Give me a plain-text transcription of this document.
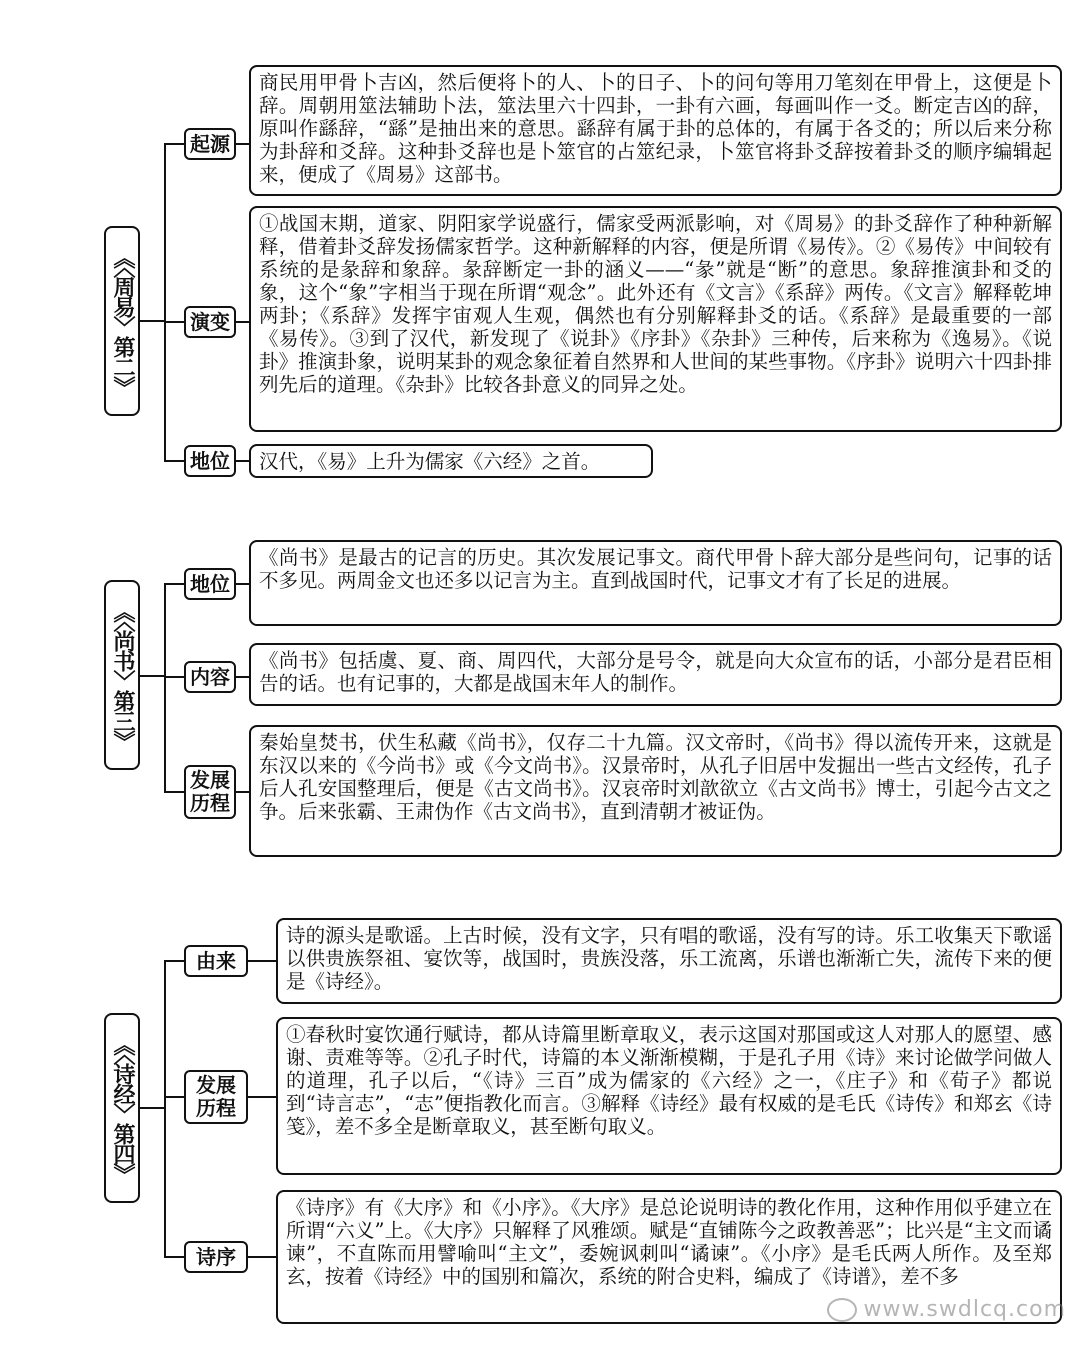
《〈周易〉第二》
起源
商民用甲骨卜吉凶，然后便将卜的人、卜的日子、卜的问句等用刀笔刻在甲骨上，这便是卜辞。周朝用筮法辅助卜法，筮法里六十四卦，一卦有六画，每画叫作一爻。断定吉凶的辞，原叫作繇辞，“繇”是抽出来的意思。繇辞有属于卦的总体的，有属于各爻的；所以后来分称为卦辞和爻辞。这种卦爻辞也是卜筮官的占筮纪录，卜筮官将卦爻辞按着卦爻的顺序编辑起来，便成了《周易》这部书。
演变
①战国末期，道家、阴阳家学说盛行，儒家受两派影响，对《周易》的卦爻辞作了种种新解释，借着卦爻辞发扬儒家哲学。这种新解释的内容，便是所谓《易传》。②《易传》中间较有系统的是彖辞和象辞。彖辞断定一卦的涵义——“彖”就是“断”的意思。象辞推演卦和爻的象，这个“象”字相当于现在所谓“观念”。此外还有《文言》《系辞》两传。《文言》解释乾坤两卦；《系辞》发挥宇宙观人生观，偶然也有分别解释卦爻的话。《系辞》是最重要的一部《易传》。③到了汉代，新发现了《说卦》《序卦》《杂卦》三种传，后来称为《逸易》。《说卦》推演卦象，说明某卦的观念象征着自然界和人世间的某些事物。《序卦》说明六十四卦排列先后的道理。《杂卦》比较各卦意义的同异之处。
地位	汉代，《易》上升为儒家《六经》之首。
《〈尚书〉第三》
地位
《尚书》是最古的记言的历史。其次发展记事文。商代甲骨卜辞大部分是些问句，记事的话不多见。两周金文也还多以记言为主。直到战国时代，记事文才有了长足的进展。
内容
《尚书》包括虞、夏、商、周四代，大部分是号令，就是向大众宣布的话，小部分是君臣相告的话。也有记事的，大都是战国末年人的制作。
发展历程
秦始皇焚书，伏生私藏《尚书》，仅存二十九篇。汉文帝时，《尚书》得以流传开来，这就是东汉以来的《今尚书》或《今文尚书》。汉景帝时，从孔子旧居中发掘出一些古文经传，孔子后人孔安国整理后，便是《古文尚书》。汉哀帝时刘歆欲立《古文尚书》博士，引起今古文之争。后来张霸、王肃伪作《古文尚书》，直到清朝才被证伪。
《〈诗经〉第四》
由来
诗的源头是歌谣。上古时候，没有文字，只有唱的歌谣，没有写的诗。乐工收集天下歌谣以供贵族祭祖、宴饮等，战国时，贵族没落，乐工流离，乐谱也渐渐亡失，流传下来的便是《诗经》。
发展历程
①春秋时宴饮通行赋诗，都从诗篇里断章取义，表示这国对那国或这人对那人的愿望、感谢、责难等等。②孔子时代，诗篇的本义渐渐模糊，于是孔子用《诗》来讨论做学问做人的道理，孔子以后，“《诗》三百”成为儒家的《六经》之一，《庄子》和《荀子》都说到“诗言志”，“志”便指教化而言。③解释《诗经》最有权威的是毛氏《诗传》和郑玄《诗笺》，差不多全是断章取义，甚至断句取义。
诗序
《诗序》有《大序》和《小序》。《大序》是总论说明诗的教化作用，这种作用似乎建立在所谓“六义”上。《大序》只解释了风雅颂。赋是“直铺陈今之政教善恶”；比兴是“主文而谲谏”，不直陈而用譬喻叫“主文”，委婉讽刺叫“谲谏”。《小序》是毛氏两人所作。及至郑玄，按着《诗经》中的国别和篇次，系统的附合史料，编成了《诗谱》，差不多
www.swdlcq.com
